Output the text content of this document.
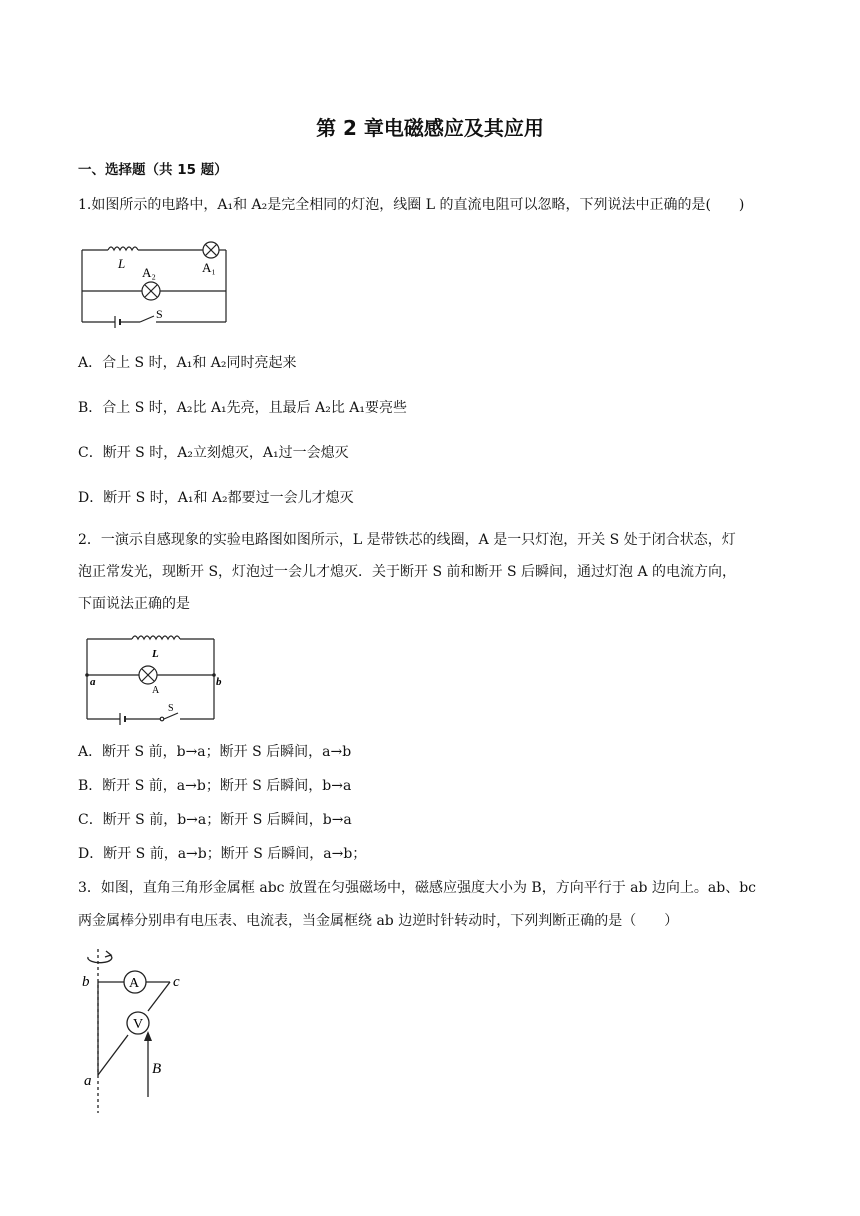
第 2 章电磁感应及其应用
一、选择题（共 15 题）
1.如图所示的电路中，A₁和 A₂是完全相同的灯泡，线圈 L 的直流电阻可以忽略，下列说法中正确的是(　　)
L	A₁
A₂
S
A．合上 S 时，A₁和 A₂同时亮起来
B．合上 S 时，A₂比 A₁先亮，且最后 A₂比 A₁要亮些
C．断开 S 时，A₂立刻熄灭，A₁过一会熄灭
D．断开 S 时，A₁和 A₂都要过一会儿才熄灭
2．一演示自感现象的实验电路图如图所示，L 是带铁芯的线圈，A 是一只灯泡，开关 S 处于闭合状态，灯
泡正常发光，现断开 S，灯泡过一会儿才熄灭．关于断开 S 前和断开 S 后瞬间，通过灯泡 A 的电流方向，
下面说法正确的是
L
A
a	b
S
A．断开 S 前，b→a；断开 S 后瞬间，a→b
B．断开 S 前，a→b；断开 S 后瞬间，b→a
C．断开 S 前，b→a；断开 S 后瞬间，b→a
D．断开 S 前，a→b；断开 S 后瞬间，a→b；
3．如图，直角三角形金属框 abc 放置在匀强磁场中，磁感应强度大小为 B，方向平行于 ab 边向上。ab、bc
两金属棒分别串有电压表、电流表，当金属框绕 ab 边逆时针转动时，下列判断正确的是（　　）
b	c
a
A
V
B
